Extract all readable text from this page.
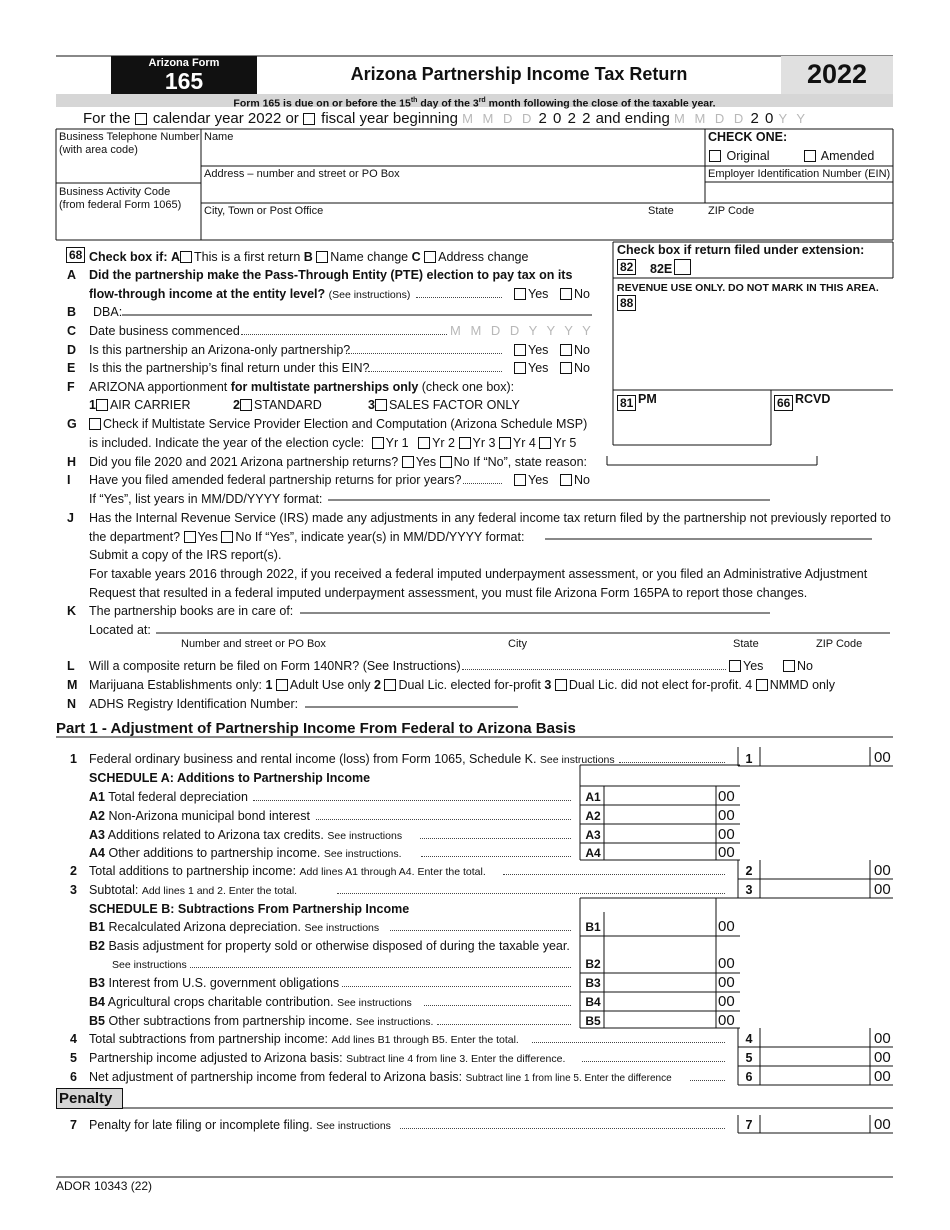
Arizona Form
165	Arizona Partnership Income Tax Return	2022
Form 165 is due on or before the 15th day of the 3rd month following the close of the taxable year.
For the calendar year 2022 or fiscal year beginning M M D D 2 0 2 2 and ending M M D D 2 0 Y Y
Business Telephone Number
(with area code)
Name	CHECK ONE:
Original	Amended
Address – number and street or PO Box	Employer Identification Number (EIN)
Business Activity Code
(from federal Form 1065) City, Town or Post Office	State	ZIP Code
Check box if return filed under extension:
82 82E
REVENUE USE ONLY. DO NOT MARK IN THIS AREA.
88
81 PM	66 RCVD
68 Check box if: A This is a first return B Name change C Address change
A Did the partnership make the Pass-Through Entity (PTE) election to pay tax on its
flow-through income at the entity level? (See instructions)	Yes	No
B DBA:
C Date business commenced	M M D D Y Y Y Y
D Is this partnership an Arizona-only partnership?	Yes	No
E Is this the partnership’s final return under this EIN?	Yes	No
F ARIZONA apportionment for multistate partnerships only (check one box):
1 AIR CARRIER	2 STANDARD	3 SALES FACTOR ONLY
G	Check if Multistate Service Provider Election and Computation (Arizona Schedule MSP)
is included. Indicate the year of the election cycle: Yr 1 Yr 2 Yr 3 Yr 4 Yr 5
H Did you file 2020 and 2021 Arizona partnership returns? Yes No If “No”, state reason:
I Have you filed amended federal partnership returns for prior years?	Yes	No
If “Yes”, list years in MM/DD/YYYY format:
J Has the Internal Revenue Service (IRS) made any adjustments in any federal income tax return filed by the partnership not previously reported to
the department? Yes No If “Yes”, indicate year(s) in MM/DD/YYYY format:
Submit a copy of the IRS report(s).
For taxable years 2016 through 2022, if you received a federal imputed underpayment assessment, or you filed an Administrative Adjustment
Request that resulted in a federal imputed underpayment assessment, you must file Arizona Form 165PA to report those changes.
K The partnership books are in care of:
Located at:
Number and street or PO Box	City	State	ZIP Code
L Will a composite return be filed on Form 140NR? (See Instructions)	Yes	No
M Marijuana Establishments only: 1 Adult Use only 2 Dual Lic. elected for-profit 3 Dual Lic. did not elect for-profit. 4 NMMD only
N ADHS Registry Identification Number:
Part 1 - Adjustment of Partnership Income From Federal to Arizona Basis
1 Federal ordinary business and rental income (loss) from Form 1065, Schedule K. See instructions	1	00
SCHEDULE A: Additions to Partnership Income
A1 Total federal depreciation	A1	00
A2 Non-Arizona municipal bond interest	A2	00
A3 Additions related to Arizona tax credits. See instructions	A3	00
A4 Other additions to partnership income. See instructions.	A4	00
2 Total additions to partnership income: Add lines A1 through A4. Enter the total.	2	00
3 Subtotal: Add lines 1 and 2. Enter the total.	3	00
SCHEDULE B: Subtractions From Partnership Income
B1 Recalculated Arizona depreciation. See instructions	B1	00
B2 Basis adjustment for property sold or otherwise disposed of during the taxable year.
See instructions	B2	00
B3 Interest from U.S. government obligations	B3	00
B4 Agricultural crops charitable contribution. See instructions	B4	00
B5 Other subtractions from partnership income. See instructions.	B5	00
4 Total subtractions from partnership income: Add lines B1 through B5. Enter the total.	4	00
5 Partnership income adjusted to Arizona basis: Subtract line 4 from line 3. Enter the difference.	5	00
6 Net adjustment of partnership income from federal to Arizona basis: Subtract line 1 from line 5. Enter the difference	6	00
Penalty
7 Penalty for late filing or incomplete filing. See instructions	7	00
ADOR 10343 (22)
